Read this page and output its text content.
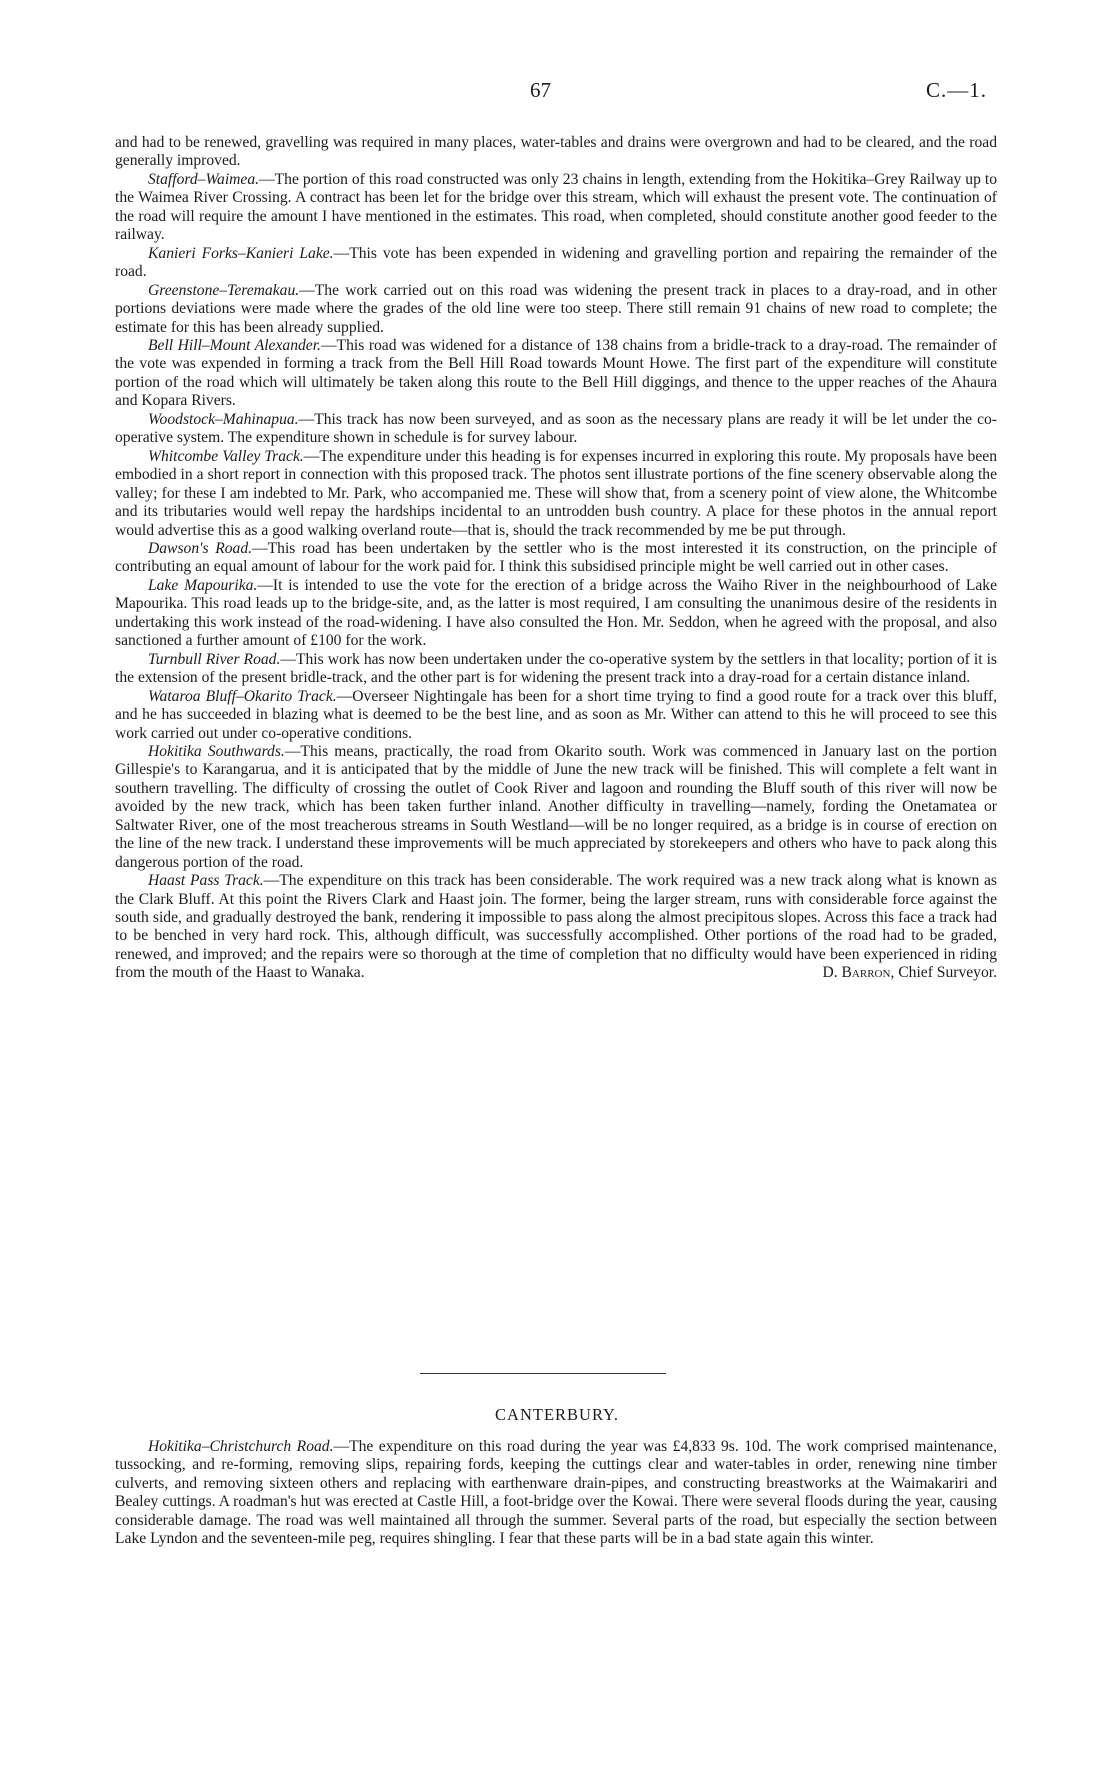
67	C.—1.

and had to be renewed, gravelling was required in many places, water-tables and drains were overgrown and had to be cleared, and the road generally improved.

Stafford–Waimea.—The portion of this road constructed was only 23 chains in length, extending from the Hokitika–Grey Railway up to the Waimea River Crossing. A contract has been let for the bridge over this stream, which will exhaust the present vote. The continuation of the road will require the amount I have mentioned in the estimates. This road, when completed, should constitute another good feeder to the railway.

Kanieri Forks–Kanieri Lake.—This vote has been expended in widening and gravelling portion and repairing the remainder of the road.

Greenstone–Teremakau.—The work carried out on this road was widening the present track in places to a dray-road, and in other portions deviations were made where the grades of the old line were too steep. There still remain 91 chains of new road to complete; the estimate for this has been already supplied.

Bell Hill–Mount Alexander.—This road was widened for a distance of 138 chains from a bridle-track to a dray-road. The remainder of the vote was expended in forming a track from the Bell Hill Road towards Mount Howe. The first part of the expenditure will constitute portion of the road which will ultimately be taken along this route to the Bell Hill diggings, and thence to the upper reaches of the Ahaura and Kopara Rivers.

Woodstock–Mahinapua.—This track has now been surveyed, and as soon as the necessary plans are ready it will be let under the co-operative system. The expenditure shown in schedule is for survey labour.

Whitcombe Valley Track.—The expenditure under this heading is for expenses incurred in exploring this route. My proposals have been embodied in a short report in connection with this proposed track. The photos sent illustrate portions of the fine scenery observable along the valley; for these I am indebted to Mr. Park, who accompanied me. These will show that, from a scenery point of view alone, the Whitcombe and its tributaries would well repay the hardships incidental to an untrodden bush country. A place for these photos in the annual report would advertise this as a good walking overland route—that is, should the track recommended by me be put through.

Dawson's Road.—This road has been undertaken by the settler who is the most interested it its construction, on the principle of contributing an equal amount of labour for the work paid for. I think this subsidised principle might be well carried out in other cases.

Lake Mapourika.—It is intended to use the vote for the erection of a bridge across the Waiho River in the neighbourhood of Lake Mapourika. This road leads up to the bridge-site, and, as the latter is most required, I am consulting the unanimous desire of the residents in undertaking this work instead of the road-widening. I have also consulted the Hon. Mr. Seddon, when he agreed with the proposal, and also sanctioned a further amount of £100 for the work.

Turnbull River Road.—This work has now been undertaken under the co-operative system by the settlers in that locality; portion of it is the extension of the present bridle-track, and the other part is for widening the present track into a dray-road for a certain distance inland.

Wataroa Bluff–Okarito Track.—Overseer Nightingale has been for a short time trying to find a good route for a track over this bluff, and he has succeeded in blazing what is deemed to be the best line, and as soon as Mr. Wither can attend to this he will proceed to see this work carried out under co-operative conditions.

Hokitika Southwards.—This means, practically, the road from Okarito south. Work was commenced in January last on the portion Gillespie's to Karangarua, and it is anticipated that by the middle of June the new track will be finished. This will complete a felt want in southern travelling. The difficulty of crossing the outlet of Cook River and lagoon and rounding the Bluff south of this river will now be avoided by the new track, which has been taken further inland. Another difficulty in travelling—namely, fording the Onetamatea or Saltwater River, one of the most treacherous streams in South Westland—will be no longer required, as a bridge is in course of erection on the line of the new track. I understand these improvements will be much appreciated by storekeepers and others who have to pack along this dangerous portion of the road.

Haast Pass Track.—The expenditure on this track has been considerable. The work required was a new track along what is known as the Clark Bluff. At this point the Rivers Clark and Haast join. The former, being the larger stream, runs with considerable force against the south side, and gradually destroyed the bank, rendering it impossible to pass along the almost precipitous slopes. Across this face a track had to be benched in very hard rock. This, although difficult, was successfully accomplished. Other portions of the road had to be graded, renewed, and improved; and the repairs were so thorough at the time of completion that no difficulty would have been experienced in riding from the mouth of the Haast to Wanaka.	D. Barron, Chief Surveyor.

CANTERBURY.

Hokitika–Christchurch Road.—The expenditure on this road during the year was £4,833 9s. 10d. The work comprised maintenance, tussocking, and re-forming, removing slips, repairing fords, keeping the cuttings clear and water-tables in order, renewing nine timber culverts, and removing sixteen others and replacing with earthenware drain-pipes, and constructing breastworks at the Waimakariri and Bealey cuttings. A roadman's hut was erected at Castle Hill, a foot-bridge over the Kowai. There were several floods during the year, causing considerable damage. The road was well maintained all through the summer. Several parts of the road, but especially the section between Lake Lyndon and the seventeen-mile peg, requires shingling. I fear that these parts will be in a bad state again this winter.
